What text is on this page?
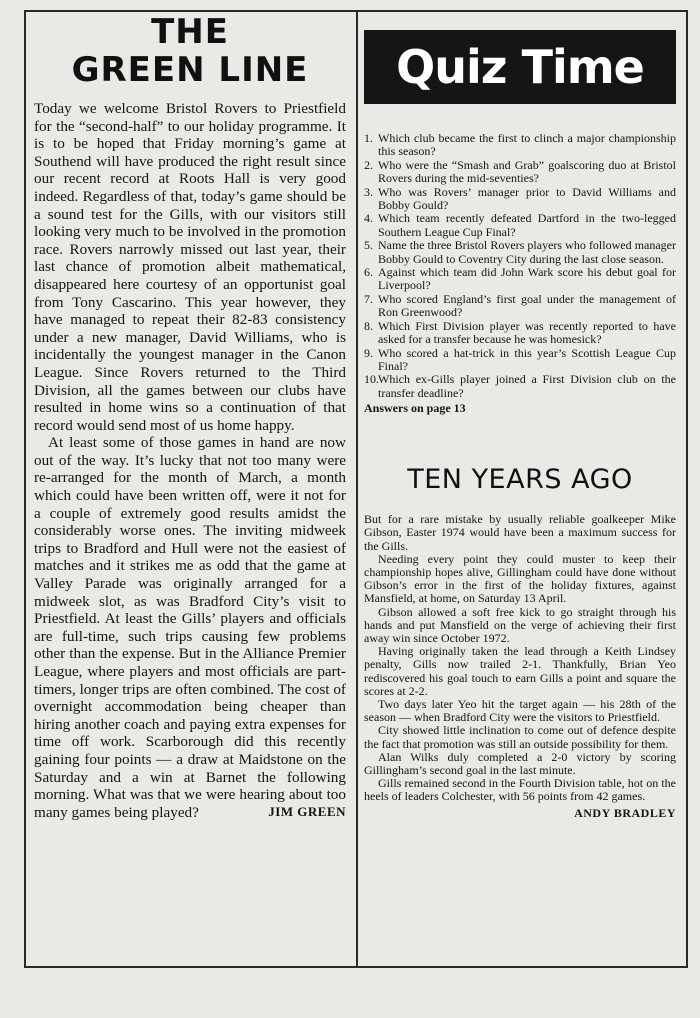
THE
GREEN LINE

Today we welcome Bristol Rovers to Priestfield for the “second-half” to our holiday programme. It is to be hoped that Friday morning’s game at Southend will have produced the right result since our recent record at Roots Hall is very good indeed. Regardless of that, today’s game should be a sound test for the Gills, with our visitors still looking very much to be involved in the promotion race. Rovers narrowly missed out last year, their last chance of promotion albeit mathematical, disappeared here courtesy of an opportunist goal from Tony Cascarino. This year however, they have managed to repeat their 82-83 consistency under a new manager, David Williams, who is incidentally the youngest manager in the Canon League. Since Rovers returned to the Third Division, all the games between our clubs have resulted in home wins so a continuation of that record would send most of us home happy.

At least some of those games in hand are now out of the way. It’s lucky that not too many were re-arranged for the month of March, a month which could have been written off, were it not for a couple of extremely good results amidst the considerably worse ones. The inviting midweek trips to Bradford and Hull were not the easiest of matches and it strikes me as odd that the game at Valley Parade was originally arranged for a midweek slot, as was Bradford City’s visit to Priestfield. At least the Gills’ players and officials are full-time, such trips causing few problems other than the expense. But in the Alliance Premier League, where players and most officials are part-timers, longer trips are often combined. The cost of overnight accommodation being cheaper than hiring another coach and paying extra expenses for time off work. Scarborough did this recently gaining four points — a draw at Maidstone on the Saturday and a win at Barnet the following morning. What was that we were hearing about too many games being played?	JIM GREEN
Quiz Time
1. Which club became the first to clinch a major championship this season?
2. Who were the “Smash and Grab” goalscoring duo at Bristol Rovers during the mid-seventies?
3. Who was Rovers’ manager prior to David Williams and Bobby Gould?
4. Which team recently defeated Dartford in the two-legged Southern League Cup Final?
5. Name the three Bristol Rovers players who followed manager Bobby Gould to Coventry City during the last close season.
6. Against which team did John Wark score his debut goal for Liverpool?
7. Who scored England’s first goal under the management of Ron Greenwood?
8. Which First Division player was recently reported to have asked for a transfer because he was homesick?
9. Who scored a hat-trick in this year’s Scottish League Cup Final?
10. Which ex-Gills player joined a First Division club on the transfer deadline?
Answers on page 13
TEN YEARS AGO

But for a rare mistake by usually reliable goalkeeper Mike Gibson, Easter 1974 would have been a maximum success for the Gills.

Needing every point they could muster to keep their championship hopes alive, Gillingham could have done without Gibson’s error in the first of the holiday fixtures, against Mansfield, at home, on Saturday 13 April.

Gibson allowed a soft free kick to go straight through his hands and put Mansfield on the verge of achieving their first away win since October 1972.

Having originally taken the lead through a Keith Lindsey penalty, Gills now trailed 2-1. Thankfully, Brian Yeo rediscovered his goal touch to earn Gills a point and square the scores at 2-2.

Two days later Yeo hit the target again — his 28th of the season — when Bradford City were the visitors to Priestfield.

City showed little inclination to come out of defence despite the fact that promotion was still an outside possibility for them.

Alan Wilks duly completed a 2-0 victory by scoring Gillingham’s second goal in the last minute.

Gills remained second in the Fourth Division table, hot on the heels of leaders Colchester, with 56 points from 42 games.

ANDY BRADLEY
